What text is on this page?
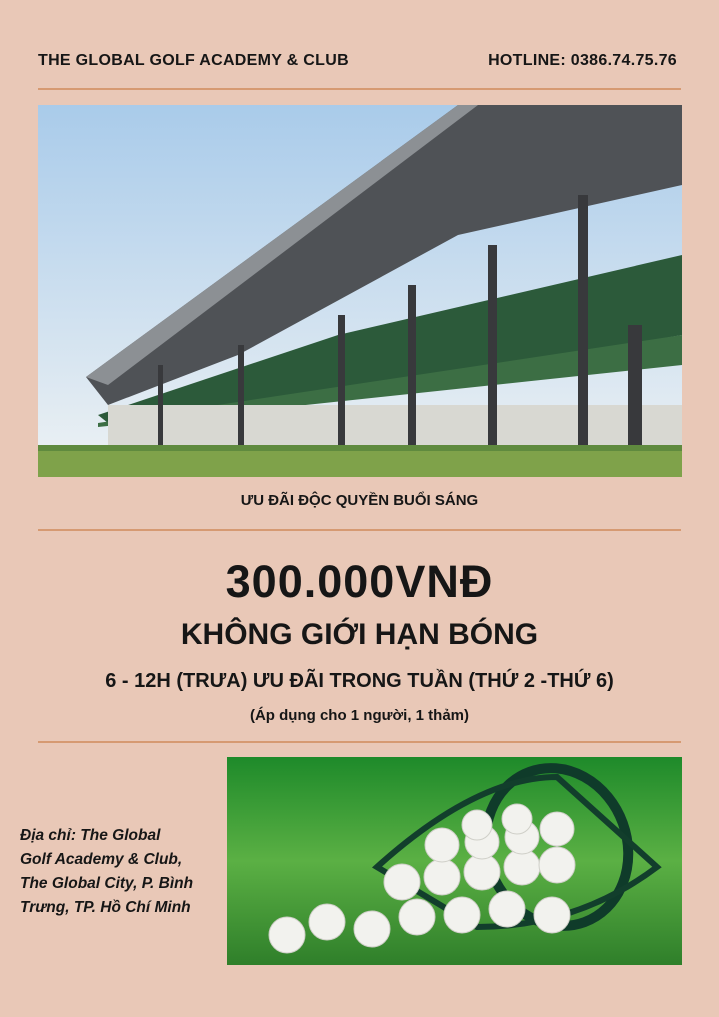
THE GLOBAL GOLF ACADEMY & CLUB	HOTLINE: 0386.74.75.76
ƯU ĐÃI ĐỘC QUYỀN BUỔI SÁNG
300.000VNĐ
KHÔNG GIỚI HẠN BÓNG
6 - 12H (TRƯA) ƯU ĐÃI TRONG TUẦN (THỨ 2 -THỨ 6)
(Áp dụng cho 1 người, 1 thảm)
Địa chỉ: The Global
Golf Academy & Club,
The Global City, P. Bình
Trưng, TP. Hồ Chí Minh
